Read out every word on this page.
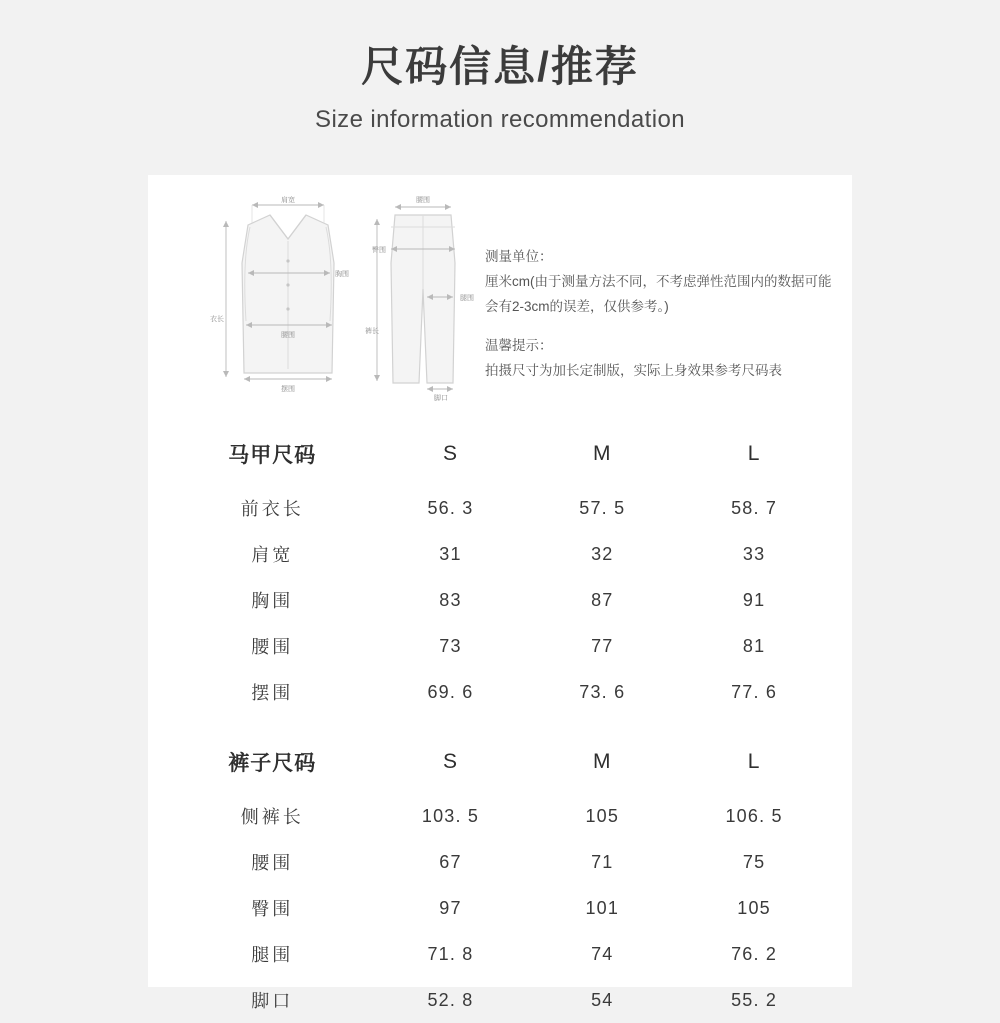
尺码信息/推荐
Size information recommendation
肩宽
胸围
腰围
摆围
衣长
腰围
臀围
腿围
裤长
脚口
测量单位：
厘米cm(由于测量方法不同，不考虑弹性范围内的数据可能会有2-3cm的误差，仅供参考。)
温馨提示：
拍摄尺寸为加长定制版，实际上身效果参考尺码表
马甲尺码	S	M	L
前衣长	56. 3	57. 5	58. 7
肩宽	31	32	33
胸围	83	87	91
腰围	73	77	81
摆围	69. 6	73. 6	77. 6
裤子尺码	S	M	L
侧裤长	103. 5	105	106. 5
腰围	67	71	75
臀围	97	101	105
腿围	71. 8	74	76. 2
脚口	52. 8	54	55. 2
